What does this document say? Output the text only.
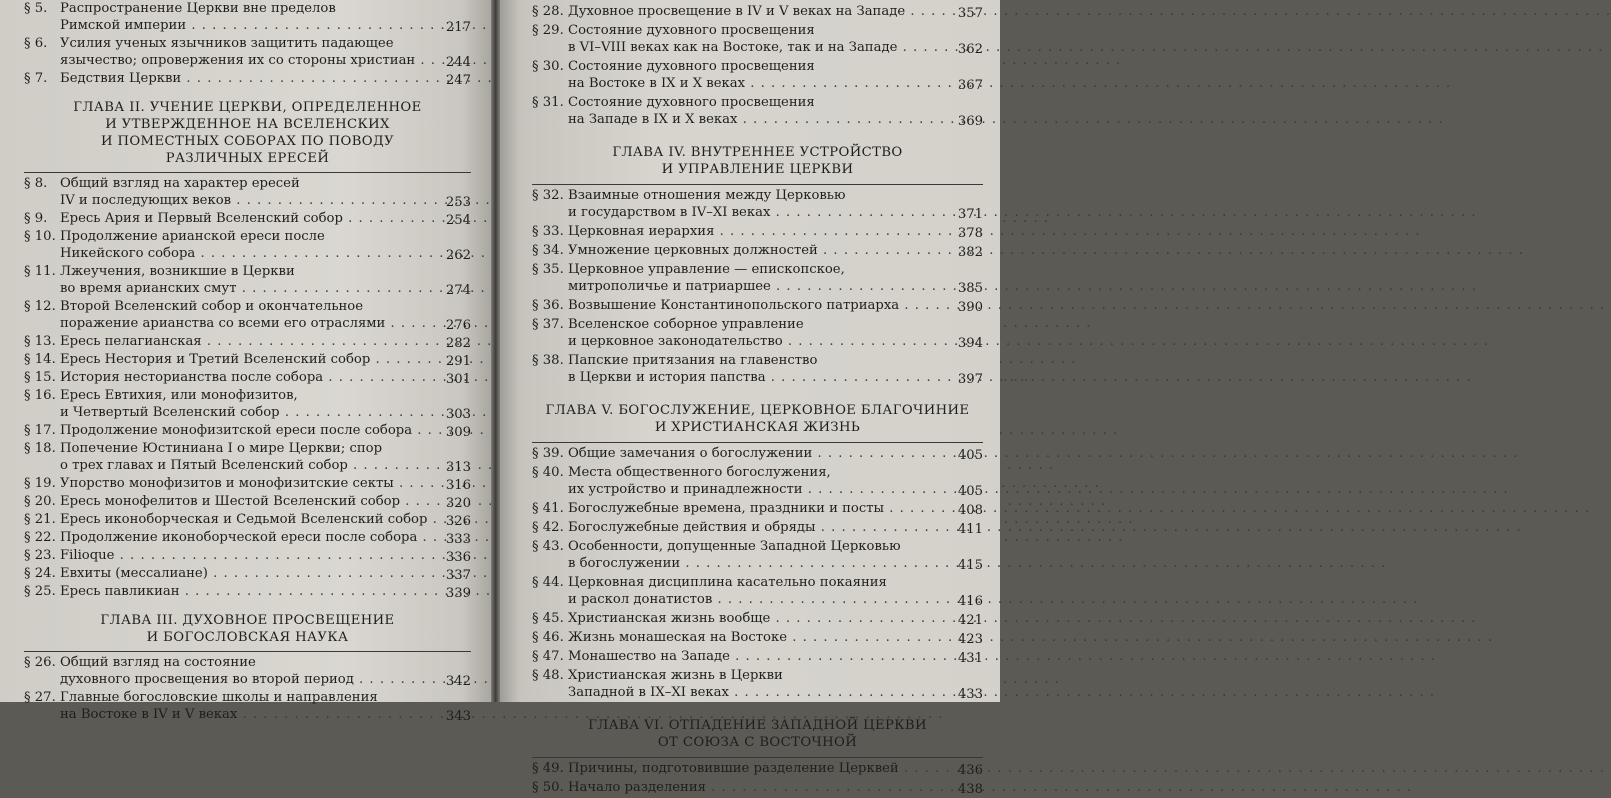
§ 5. Распространение Церкви вне пределов
Римской империи . . .	217
§ 6. Усилия ученых язычников защитить падающее
язычество; опровержения их со стороны христиан . . .	244
§ 7. Бедствия Церкви . . .	247
ГЛАВА II. УЧЕНИЕ ЦЕРКВИ, ОПРЕДЕЛЕННОЕ
И УТВЕРЖДЕННОЕ НА ВСЕЛЕНСКИХ
И ПОМЕСТНЫХ СОБОРАХ ПО ПОВОДУ
РАЗЛИЧНЫХ ЕРЕСЕЙ
§ 8. Общий взгляд на характер ересей
IV и последующих веков . . .	253
§ 9. Ересь Ария и Первый Вселенский собор . . .	254
§ 10. Продолжение арианской ереси после
Никейского собора . . .	262
§ 11. Лжеучения, возникшие в Церкви
во время арианских смут . . .	274
§ 12. Второй Вселенский собор и окончательное
поражение арианства со всеми его отраслями . . .	276
§ 13. Ересь пелагианская . . .	282
§ 14. Ересь Нестория и Третий Вселенский собор . . .	291
§ 15. История несторианства после собора . . .	301
§ 16. Ересь Евтихия, или монофизитов,
и Четвертый Вселенский собор . . .	303
§ 17. Продолжение монофизитской ереси после собора . . .	309
§ 18. Попечение Юстиниана I о мире Церкви; спор
о трех главах и Пятый Вселенский собор . . .	313
§ 19. Упорство монофизитов и монофизитские секты . . .	316
§ 20. Ересь монофелитов и Шестой Вселенский собор . . .	320
§ 21. Ересь иконоборческая и Седьмой Вселенский собор . . .	326
§ 22. Продолжение иконоборческой ереси после собора . . .	333
§ 23. Filioque . . .	336
§ 24. Евхиты (мессалиане) . . .	337
§ 25. Ересь павликиан . . .	339
ГЛАВА III. ДУХОВНОЕ ПРОСВЕЩЕНИЕ
И БОГОСЛОВСКАЯ НАУКА
§ 26. Общий взгляд на состояние
духовного просвещения во второй период . . .	342
§ 27. Главные богословские школы и направления
на Востоке в IV и V веках . . .	343
§ 28. Духовное просвещение в IV и V веках на Западе . . .	357
§ 29. Состояние духовного просвещения
в VI–VIII веках как на Востоке, так и на Западе . . .	362
§ 30. Состояние духовного просвещения
на Востоке в IX и X веках . . .	367
§ 31. Состояние духовного просвещения
на Западе в IX и X веках . . .	369
ГЛАВА IV. ВНУТРЕННЕЕ УСТРОЙСТВО
И УПРАВЛЕНИЕ ЦЕРКВИ
§ 32. Взаимные отношения между Церковью
и государством в IV–XI веках . . .	371
§ 33. Церковная иерархия . . .	378
§ 34. Умножение церковных должностей . . .	382
§ 35. Церковное управление — епископское,
митрополичье и патриаршее . . .	385
§ 36. Возвышение Константинопольского патриарха . . .	390
§ 37. Вселенское соборное управление
и церковное законодательство . . .	394
§ 38. Папские притязания на главенство
в Церкви и история папства . . .	397
ГЛАВА V. БОГОСЛУЖЕНИЕ, ЦЕРКОВНОЕ БЛАГОЧИНИЕ
И ХРИСТИАНСКАЯ ЖИЗНЬ
§ 39. Общие замечания о богослужении . . .	405
§ 40. Места общественного богослужения,
их устройство и принадлежности . . .	405
§ 41. Богослужебные времена, праздники и посты . . .	408
§ 42. Богослужебные действия и обряды . . .	411
§ 43. Особенности, допущенные Западной Церковью
в богослужении . . .	415
§ 44. Церковная дисциплина касательно покаяния
и раскол донатистов . . .	416
§ 45. Христианская жизнь вообще . . .	421
§ 46. Жизнь монашеская на Востоке . . .	423
§ 47. Монашество на Западе . . .	431
§ 48. Христианская жизнь в Церкви
Западной в IX–XI веках . . .	433
ГЛАВА VI. ОТПАДЕНИЕ ЗАПАДНОЙ ЦЕРКВИ
ОТ СОЮЗА С ВОСТОЧНОЙ
§ 49. Причины, подготовившие разделение Церквей . . .	436
§ 50. Начало разделения . . .	438
